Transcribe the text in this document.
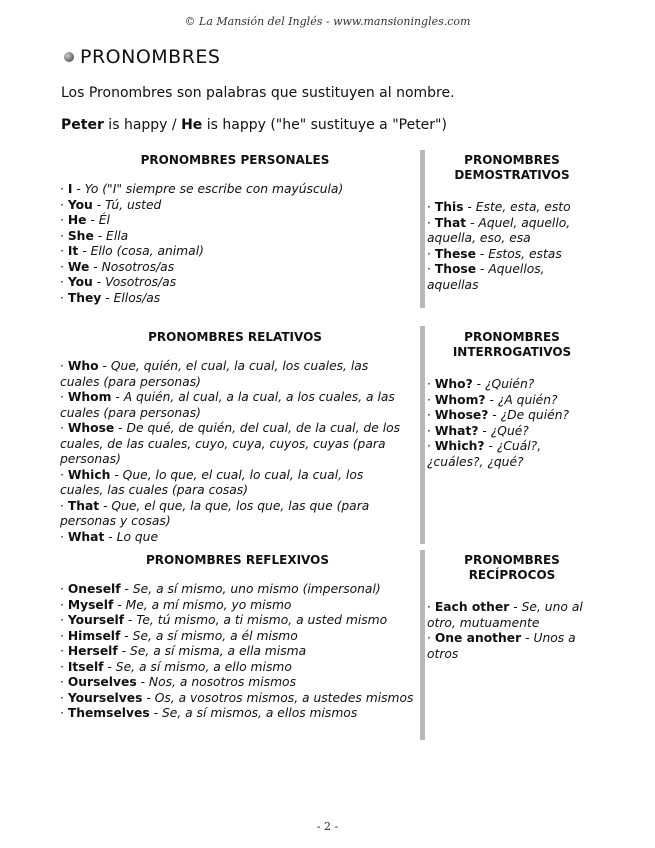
© La Mansión del Inglés - www.mansioningles.com
PRONOMBRES
Los Pronombres son palabras que sustituyen al nombre.
Peter is happy / He is happy ("he" sustituye a "Peter")
PRONOMBRES PERSONALES
· I - Yo ("I" siempre se escribe con mayúscula)
· You - Tú, usted
· He - Él
· She - Ella
· It - Ello (cosa, animal)
· We - Nosotros/as
· You - Vosotros/as
· They - Ellos/as
PRONOMBRES
DEMOSTRATIVOS
· This - Este, esta, esto
· That - Aquel, aquello, aquella, eso, esa
· These - Estos, estas
· Those - Aquellos, aquellas
PRONOMBRES RELATIVOS
· Who - Que, quién, el cual, la cual, los cuales, las cuales (para personas)
· Whom - A quién, al cual, a la cual, a los cuales, a las cuales (para personas)
· Whose - De qué, de quién, del cual, de la cual, de los cuales, de las cuales, cuyo, cuya, cuyos, cuyas (para personas)
· Which - Que, lo que, el cual, lo cual, la cual, los cuales, las cuales (para cosas)
· That - Que, el que, la que, los que, las que (para personas y cosas)
· What - Lo que
PRONOMBRES
INTERROGATIVOS
· Who? - ¿Quién?
· Whom? - ¿A quién?
· Whose? - ¿De quién?
· What? - ¿Qué?
· Which? - ¿Cuál?, ¿cuáles?, ¿qué?
PRONOMBRES REFLEXIVOS
· Oneself - Se, a sí mismo, uno mismo (impersonal)
· Myself - Me, a mí mismo, yo mismo
· Yourself - Te, tú mismo, a ti mismo, a usted mismo
· Himself - Se, a sí mismo, a él mismo
· Herself - Se, a sí misma, a ella misma
· Itself - Se, a sí mismo, a ello mismo
· Ourselves - Nos, a nosotros mismos
· Yourselves - Os, a vosotros mismos, a ustedes mismos
· Themselves - Se, a sí mismos, a ellos mismos
PRONOMBRES
RECÍPROCOS
· Each other - Se, uno al otro, mutuamente
· One another - Unos a otros
- 2 -
